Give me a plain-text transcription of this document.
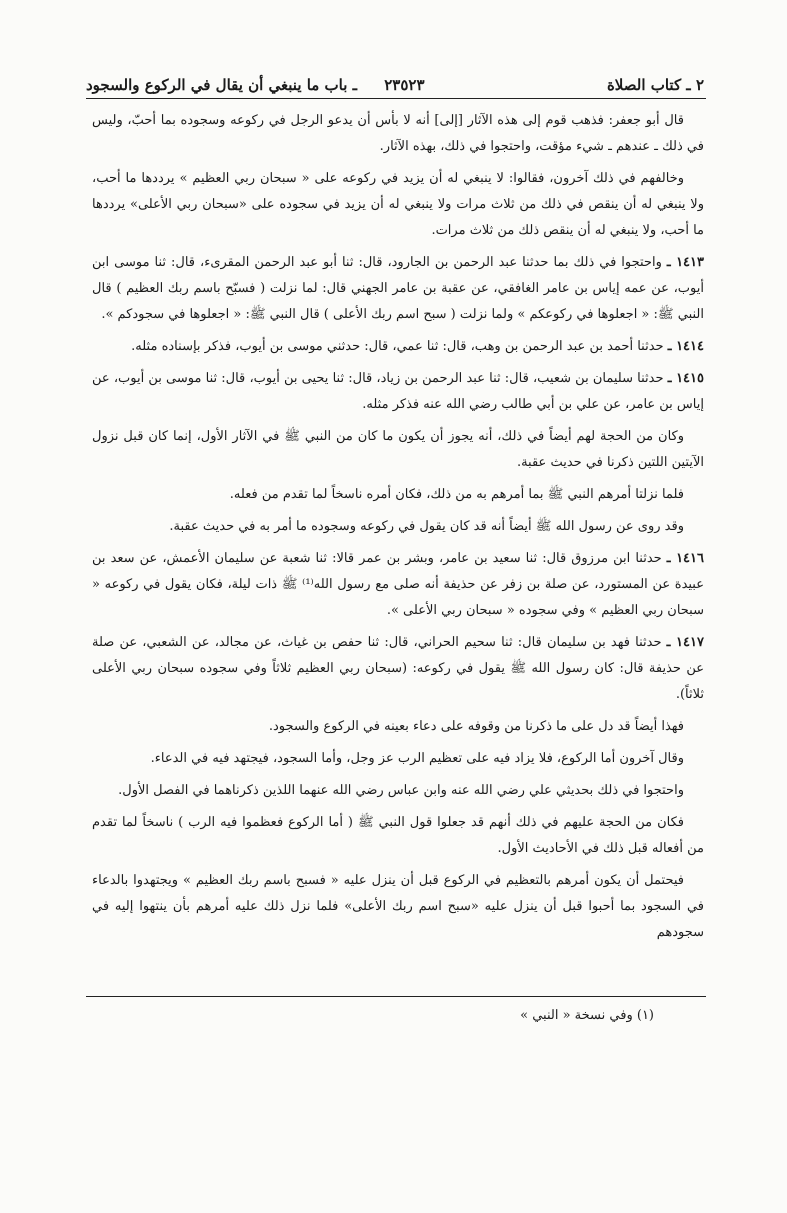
٢ ـ كتاب الصلاة
٢٣٥٢٣ ـ باب ما ينبغي أن يقال في الركوع والسجود

قال أبو جعفر: فذهب قوم إلى هذه الآثار [إلى] أنه لا بأس أن يدعو الرجل في ركوعه وسجوده بما أحبّ، وليس في ذلك ـ عندهم ـ شيء مؤقت، واحتجوا في ذلك، بهذه الآثار.

وخالفهم في ذلك آخرون، فقالوا: لا ينبغي له أن يزيد في ركوعه على « سبحان ربي العظيم » يرددها ما أحب، ولا ينبغي له أن ينقص في ذلك من ثلاث مرات ولا ينبغي له أن يزيد في سجوده على «سبحان ربي الأعلى» يرددها ما أحب، ولا ينبغي له أن ينقص ذلك من ثلاث مرات.

١٤١٣ ـ واحتجوا في ذلك بما حدثنا عبد الرحمن بن الجارود، قال: ثنا أبو عبد الرحمن المقرىء، قال: ثنا موسى ابن أيوب، عن عمه إياس بن عامر الغافقي، عن عقبة بن عامر الجهني قال: لما نزلت ( فسبّح باسم ربك العظيم ) قال النبي ﷺ: « اجعلوها في ركوعكم » ولما نزلت ( سبح اسم ربك الأعلى ) قال النبي ﷺ: « اجعلوها في سجودكم ».

١٤١٤ ـ حدثنا أحمد بن عبد الرحمن بن وهب، قال: ثنا عمي، قال: حدثني موسى بن أيوب، فذكر بإسناده مثله.

١٤١٥ ـ حدثنا سليمان بن شعيب، قال: ثنا عبد الرحمن بن زياد، قال: ثنا يحيى بن أيوب، قال: ثنا موسى بن أيوب، عن إياس بن عامر، عن علي بن أبي طالب رضي الله عنه فذكر مثله.

وكان من الحجة لهم أيضاً في ذلك، أنه يجوز أن يكون ما كان من النبي ﷺ في الآثار الأول، إنما كان قبل نزول الآيتين اللتين ذكرنا في حديث عقبة.

فلما نزلتا أمرهم النبي ﷺ بما أمرهم به من ذلك، فكان أمره ناسخاً لما تقدم من فعله.

وقد روى عن رسول الله ﷺ أيضاً أنه قد كان يقول في ركوعه وسجوده ما أمر به في حديث عقبة.

١٤١٦ ـ حدثنا ابن مرزوق قال: ثنا سعيد بن عامر، وبشر بن عمر قالا: ثنا شعبة عن سليمان الأعمش، عن سعد بن عبيدة عن المستورد، عن صلة بن زفر عن حذيفة أنه صلى مع رسول الله⁽¹⁾ ﷺ ذات ليلة، فكان يقول في ركوعه « سبحان ربي العظيم » وفي سجوده « سبحان ربي الأعلى ».

١٤١٧ ـ حدثنا فهد بن سليمان قال: ثنا سحيم الحراني، قال: ثنا حفص بن غياث، عن مجالد، عن الشعبي، عن صلة عن حذيفة قال: كان رسول الله ﷺ يقول في ركوعه: (سبحان ربي العظيم ثلاثاً وفي سجوده سبحان ربي الأعلى ثلاثاً).

فهذا أيضاً قد دل على ما ذكرنا من وقوفه على دعاء بعينه في الركوع والسجود.

وقال آخرون أما الركوع، فلا يزاد فيه على تعظيم الرب عز وجل، وأما السجود، فيجتهد فيه في الدعاء.

واحتجوا في ذلك بحديثي علي رضي الله عنه وابن عباس رضي الله عنهما اللذين ذكرناهما في الفصل الأول.

فكان من الحجة عليهم في ذلك أنهم قد جعلوا قول النبي ﷺ ( أما الركوع فعظموا فيه الرب ) ناسخاً لما تقدم من أفعاله قبل ذلك في الأحاديث الأول.

فيحتمل أن يكون أمرهم بالتعظيم في الركوع قبل أن ينزل عليه « فسبح باسم ربك العظيم » ويجتهدوا بالدعاء في السجود بما أحبوا قبل أن ينزل عليه «سبح اسم ربك الأعلى» فلما نزل ذلك عليه أمرهم بأن ينتهوا إليه في سجودهم

(١) وفي نسخة « النبي »
